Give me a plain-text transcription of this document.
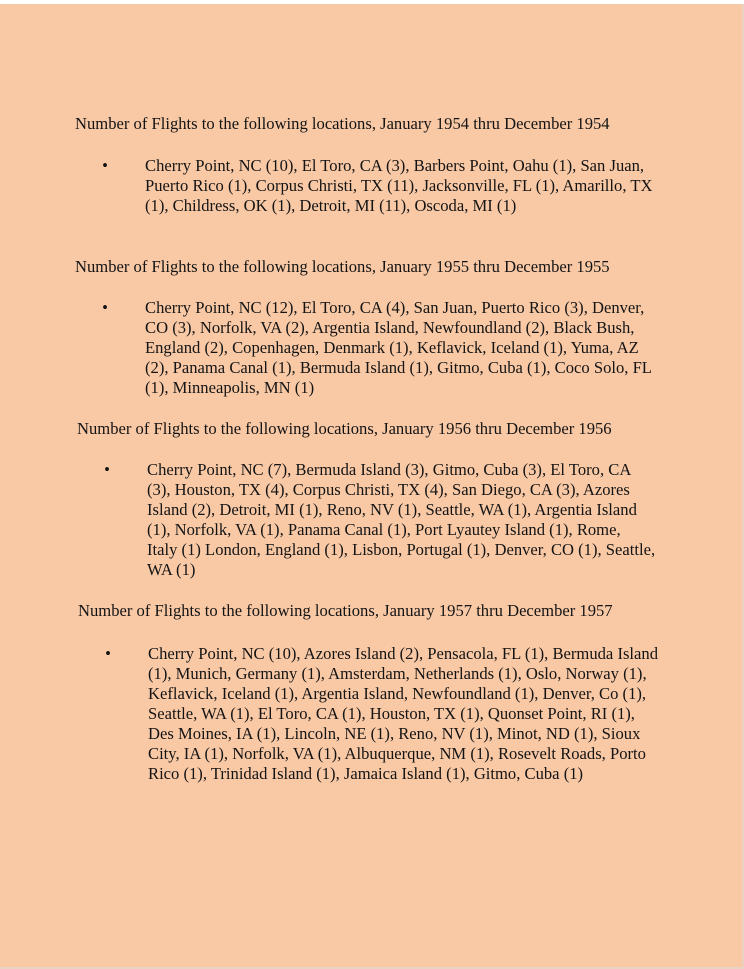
Number of Flights to the following locations, January 1954 thru December 1954

• Cherry Point, NC (10), El Toro, CA (3), Barbers Point, Oahu (1), San Juan,
Puerto Rico (1), Corpus Christi, TX (11), Jacksonville, FL (1), Amarillo, TX
(1), Childress, OK (1), Detroit, MI (11), Oscoda, MI (1)

Number of Flights to the following locations, January 1955 thru December 1955

• Cherry Point, NC (12), El Toro, CA (4), San Juan, Puerto Rico (3), Denver,
CO (3), Norfolk, VA (2), Argentia Island, Newfoundland (2), Black Bush,
England (2), Copenhagen, Denmark (1), Keflavick, Iceland (1), Yuma, AZ
(2), Panama Canal (1), Bermuda Island (1), Gitmo, Cuba (1), Coco Solo, FL
(1), Minneapolis, MN (1)

Number of Flights to the following locations, January 1956 thru December 1956

• Cherry Point, NC (7), Bermuda Island (3), Gitmo, Cuba (3), El Toro, CA
(3), Houston, TX (4), Corpus Christi, TX (4), San Diego, CA (3), Azores
Island (2), Detroit, MI (1), Reno, NV (1), Seattle, WA (1), Argentia Island
(1), Norfolk, VA (1), Panama Canal (1), Port Lyautey Island (1), Rome,
Italy (1) London, England (1), Lisbon, Portugal (1), Denver, CO (1), Seattle,
WA (1)

Number of Flights to the following locations, January 1957 thru December 1957

• Cherry Point, NC (10), Azores Island (2), Pensacola, FL (1), Bermuda Island
(1), Munich, Germany (1), Amsterdam, Netherlands (1), Oslo, Norway (1),
Keflavick, Iceland (1), Argentia Island, Newfoundland (1), Denver, Co (1),
Seattle, WA (1), El Toro, CA (1), Houston, TX (1), Quonset Point, RI (1),
Des Moines, IA (1), Lincoln, NE (1), Reno, NV (1), Minot, ND (1), Sioux
City, IA (1), Norfolk, VA (1), Albuquerque, NM (1), Rosevelt Roads, Porto
Rico (1), Trinidad Island (1), Jamaica Island (1), Gitmo, Cuba (1)
